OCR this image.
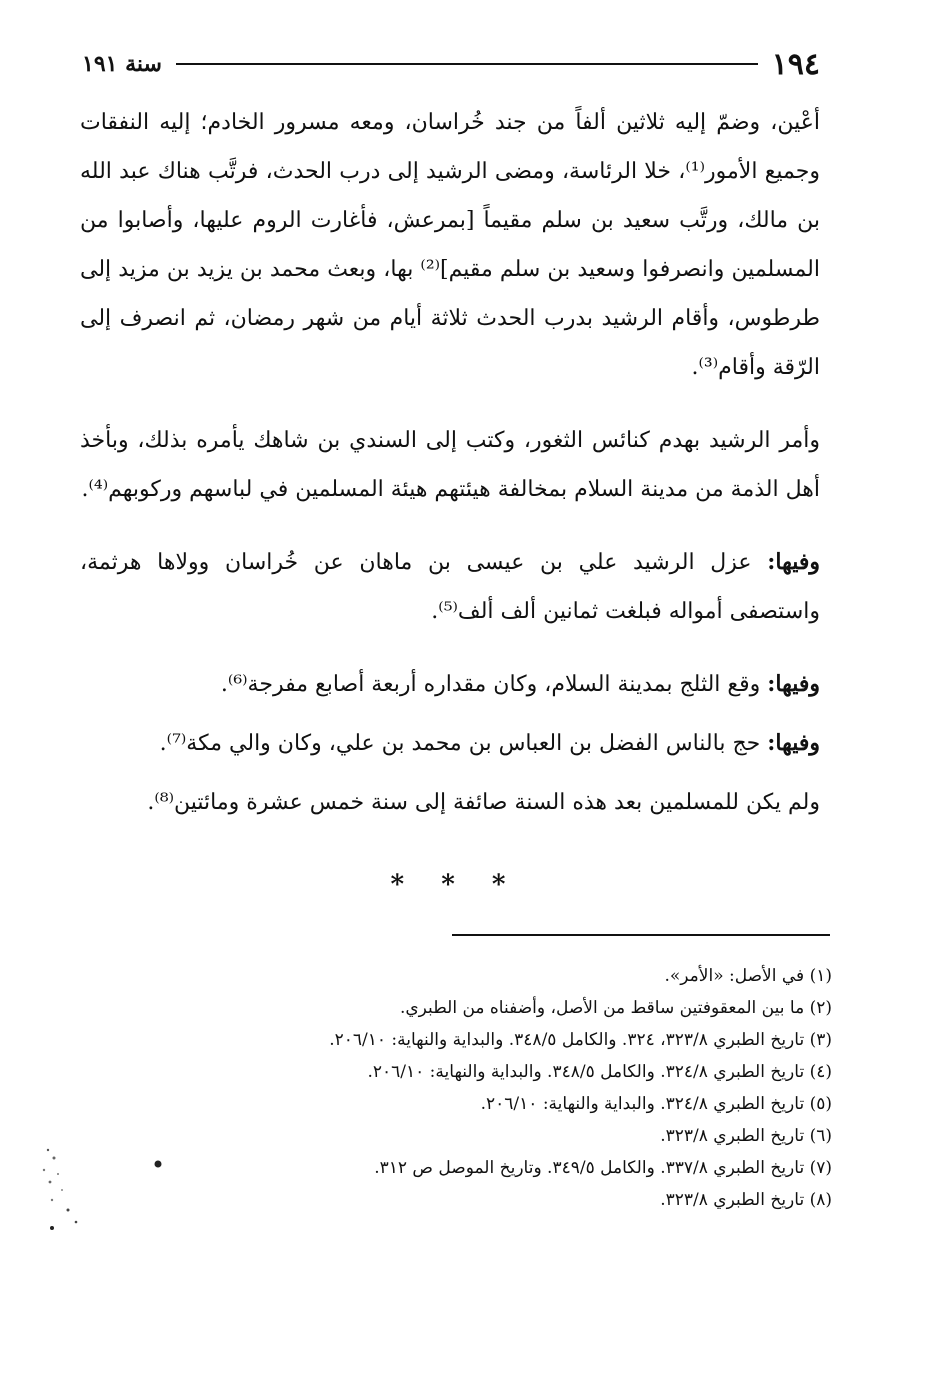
١٩٤
سنة ١٩١

أعْين، وضمّ إليه ثلاثين ألفاً من جند خُراسان، ومعه مسرور الخادم؛ إليه النفقات وجميع الأمور⁽¹⁾، خلا الرئاسة، ومضى الرشيد إلى درب الحدث، فرتَّب هناك عبد الله بن مالك، ورتَّب سعيد بن سلم مقيماً [بمرعش، فأغارت الروم عليها، وأصابوا من المسلمين وانصرفوا وسعيد بن سلم مقيم]⁽²⁾ بها، وبعث محمد بن يزيد بن مزيد إلى طرطوس، وأقام الرشيد بدرب الحدث ثلاثة أيام من شهر رمضان، ثم انصرف إلى الرّقة وأقام⁽³⁾.

وأمر الرشيد بهدم كنائس الثغور، وكتب إلى السندي بن شاهك يأمره بذلك، وبأخذ أهل الذمة من مدينة السلام بمخالفة هيئتهم هيئة المسلمين في لباسهم وركوبهم⁽⁴⁾.

وفيها: عزل الرشيد علي بن عيسى بن ماهان عن خُراسان وولاها هرثمة، واستصفى أمواله فبلغت ثمانين ألف ألف⁽⁵⁾.

وفيها: وقع الثلج بمدينة السلام، وكان مقداره أربعة أصابع مفرجة⁽⁶⁾.

وفيها: حج بالناس الفضل بن العباس بن محمد بن علي، وكان والي مكة⁽⁷⁾.

ولم يكن للمسلمين بعد هذه السنة صائفة إلى سنة خمس عشرة ومائتين⁽⁸⁾.

* * *
(١) في الأصل: «الأمر».
(٢) ما بين المعقوفتين ساقط من الأصل، وأضفناه من الطبري.
(٣) تاريخ الطبري ٣٢٣/٨، ٣٢٤. والكامل ٣٤٨/٥. والبداية والنهاية: ٢٠٦/١٠.
(٤) تاريخ الطبري ٣٢٤/٨. والكامل ٣٤٨/٥. والبداية والنهاية: ٢٠٦/١٠.
(٥) تاريخ الطبري ٣٢٤/٨. والبداية والنهاية: ٢٠٦/١٠.
(٦) تاريخ الطبري ٣٢٣/٨.
(٧) تاريخ الطبري ٣٣٧/٨. والكامل ٣٤٩/٥. وتاريخ الموصل ص ٣١٢.
(٨) تاريخ الطبري ٣٢٣/٨.
